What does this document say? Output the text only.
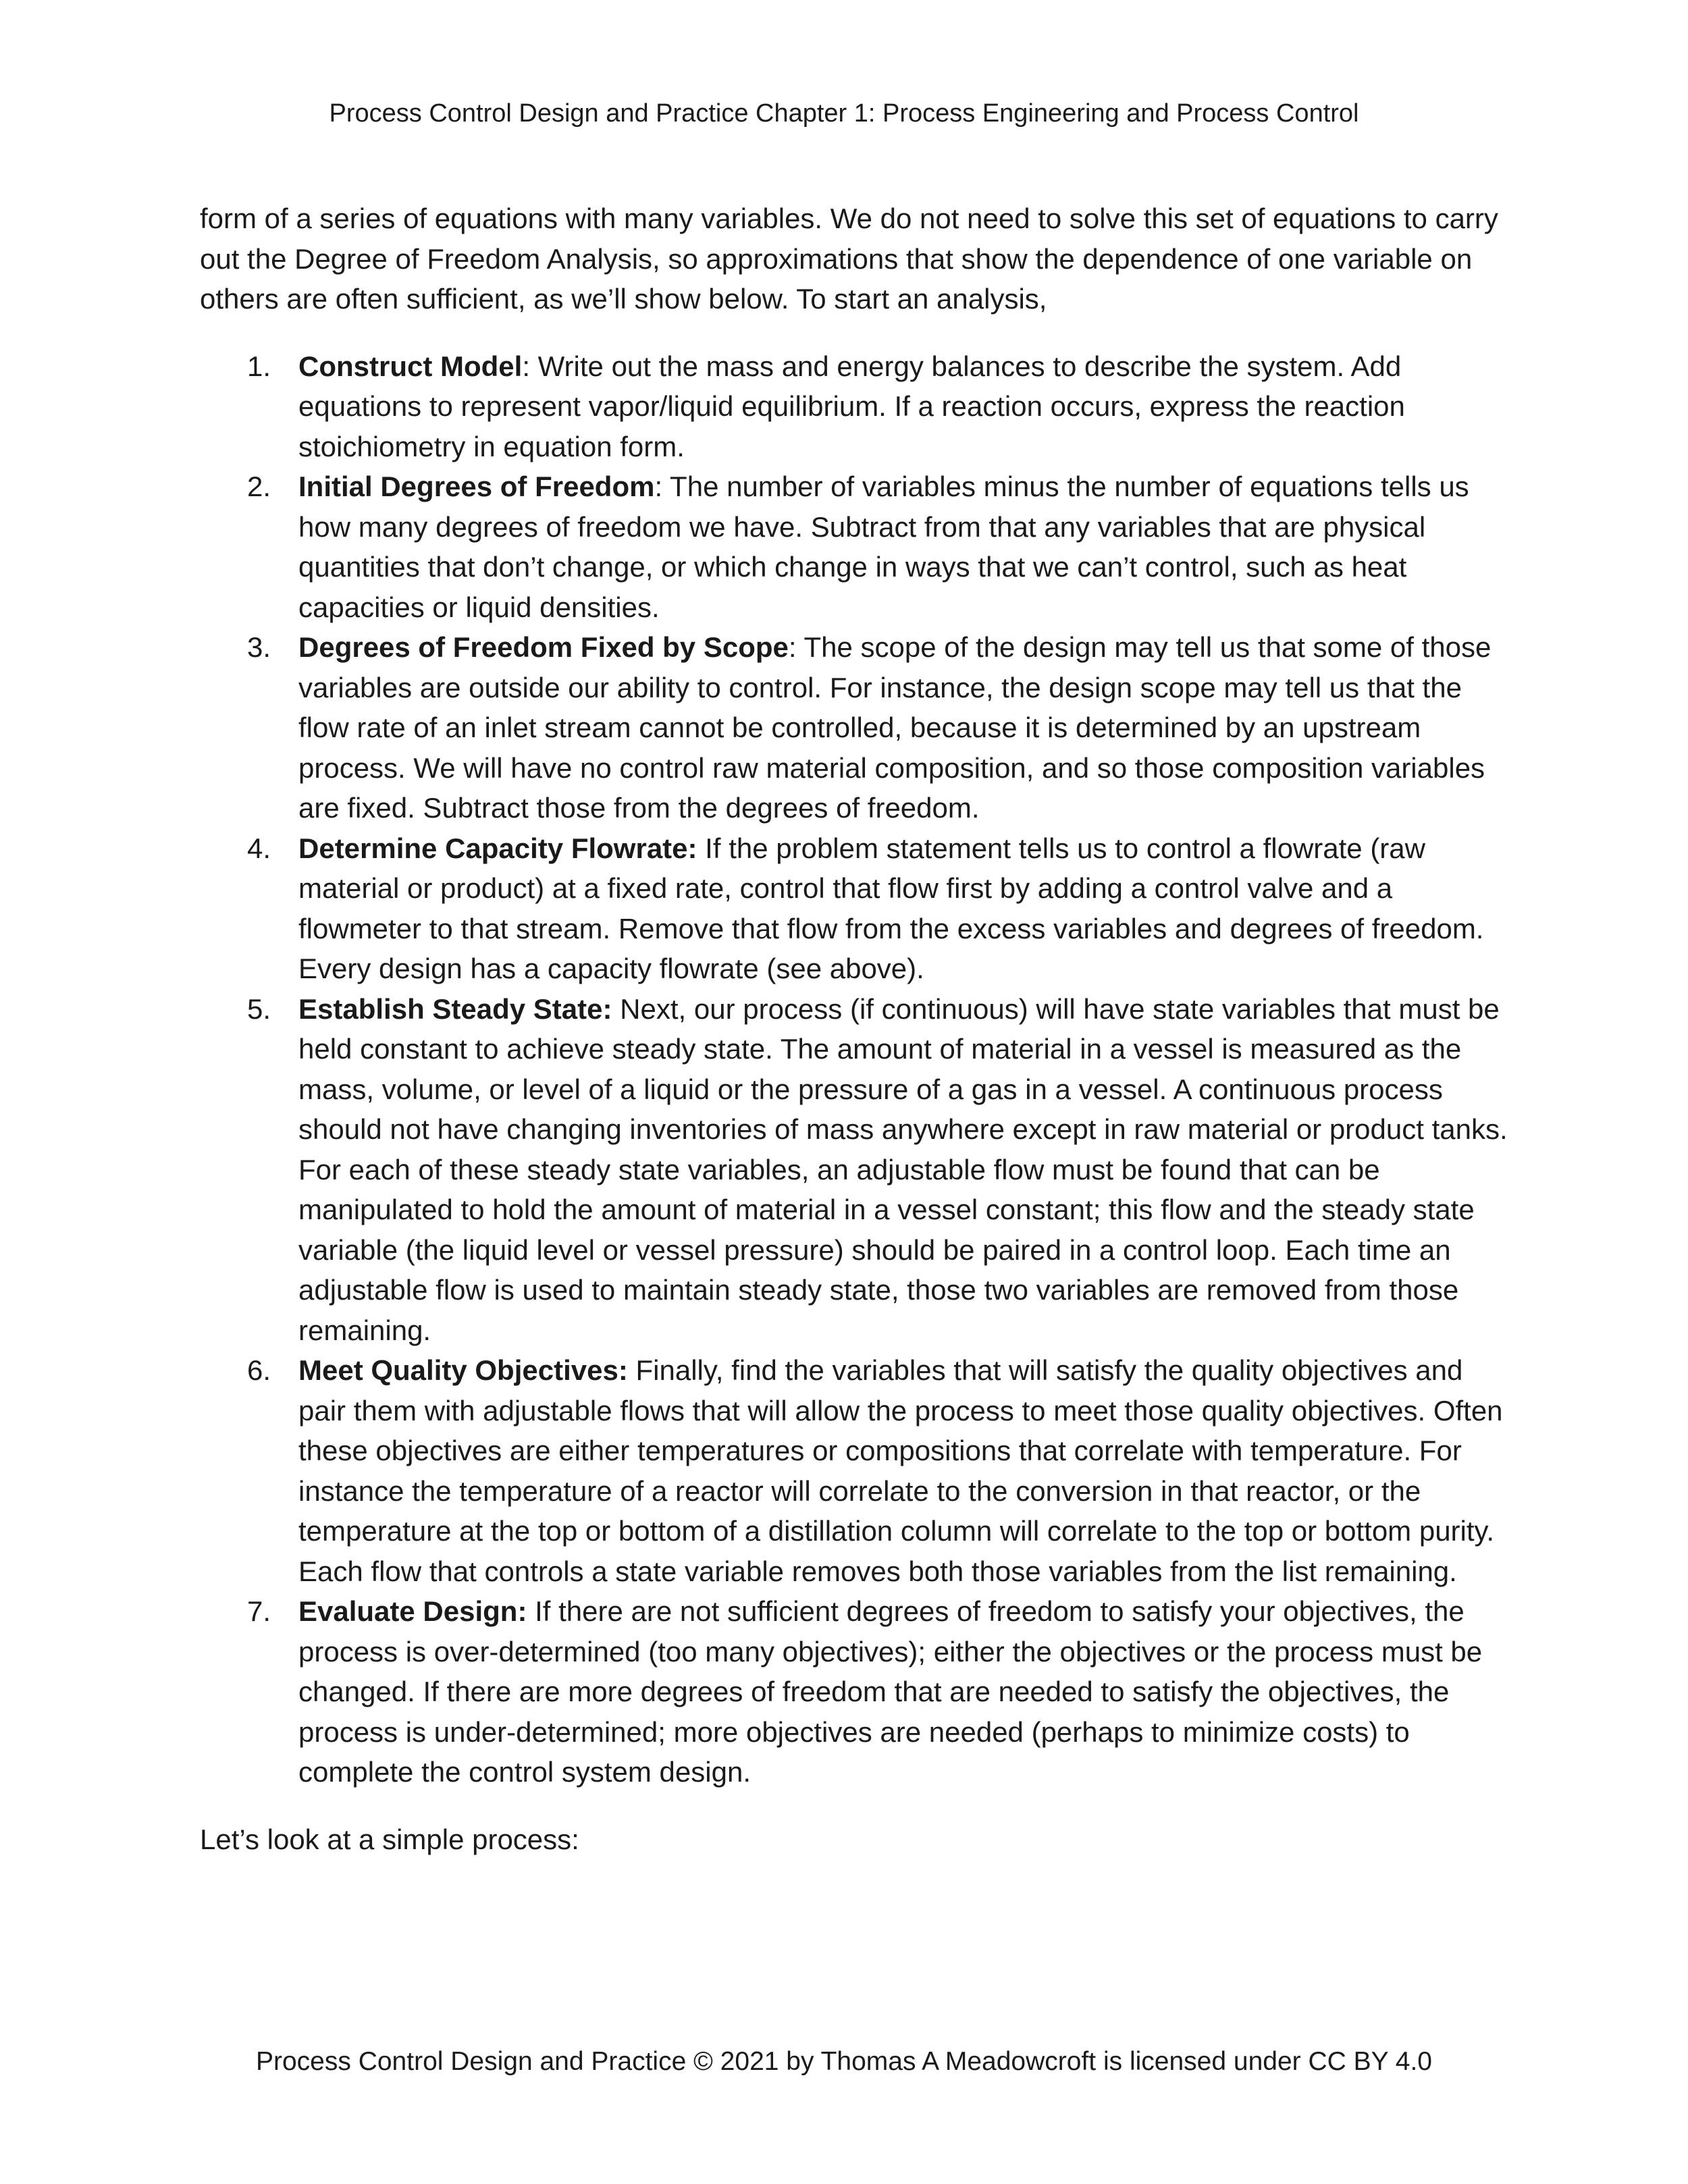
Process Control Design and Practice Chapter 1: Process Engineering and Process Control

form of a series of equations with many variables. We do not need to solve this set of equations to carry out the Degree of Freedom Analysis, so approximations that show the dependence of one variable on others are often sufficient, as we’ll show below. To start an analysis,

1. Construct Model: Write out the mass and energy balances to describe the system. Add equations to represent vapor/liquid equilibrium. If a reaction occurs, express the reaction stoichiometry in equation form.
2. Initial Degrees of Freedom: The number of variables minus the number of equations tells us how many degrees of freedom we have. Subtract from that any variables that are physical quantities that don’t change, or which change in ways that we can’t control, such as heat capacities or liquid densities.
3. Degrees of Freedom Fixed by Scope: The scope of the design may tell us that some of those variables are outside our ability to control. For instance, the design scope may tell us that the flow rate of an inlet stream cannot be controlled, because it is determined by an upstream process. We will have no control raw material composition, and so those composition variables are fixed. Subtract those from the degrees of freedom.
4. Determine Capacity Flowrate: If the problem statement tells us to control a flowrate (raw material or product) at a fixed rate, control that flow first by adding a control valve and a flowmeter to that stream. Remove that flow from the excess variables and degrees of freedom. Every design has a capacity flowrate (see above).
5. Establish Steady State: Next, our process (if continuous) will have state variables that must be held constant to achieve steady state. The amount of material in a vessel is measured as the mass, volume, or level of a liquid or the pressure of a gas in a vessel. A continuous process should not have changing inventories of mass anywhere except in raw material or product tanks. For each of these steady state variables, an adjustable flow must be found that can be manipulated to hold the amount of material in a vessel constant; this flow and the steady state variable (the liquid level or vessel pressure) should be paired in a control loop. Each time an adjustable flow is used to maintain steady state, those two variables are removed from those remaining.
6. Meet Quality Objectives: Finally, find the variables that will satisfy the quality objectives and pair them with adjustable flows that will allow the process to meet those quality objectives. Often these objectives are either temperatures or compositions that correlate with temperature. For instance the temperature of a reactor will correlate to the conversion in that reactor, or the temperature at the top or bottom of a distillation column will correlate to the top or bottom purity. Each flow that controls a state variable removes both those variables from the list remaining.
7. Evaluate Design: If there are not sufficient degrees of freedom to satisfy your objectives, the process is over-determined (too many objectives); either the objectives or the process must be changed. If there are more degrees of freedom that are needed to satisfy the objectives, the process is under-determined; more objectives are needed (perhaps to minimize costs) to complete the control system design.

Let’s look at a simple process:

Process Control Design and Practice © 2021 by Thomas A Meadowcroft is licensed under CC BY 4.0
